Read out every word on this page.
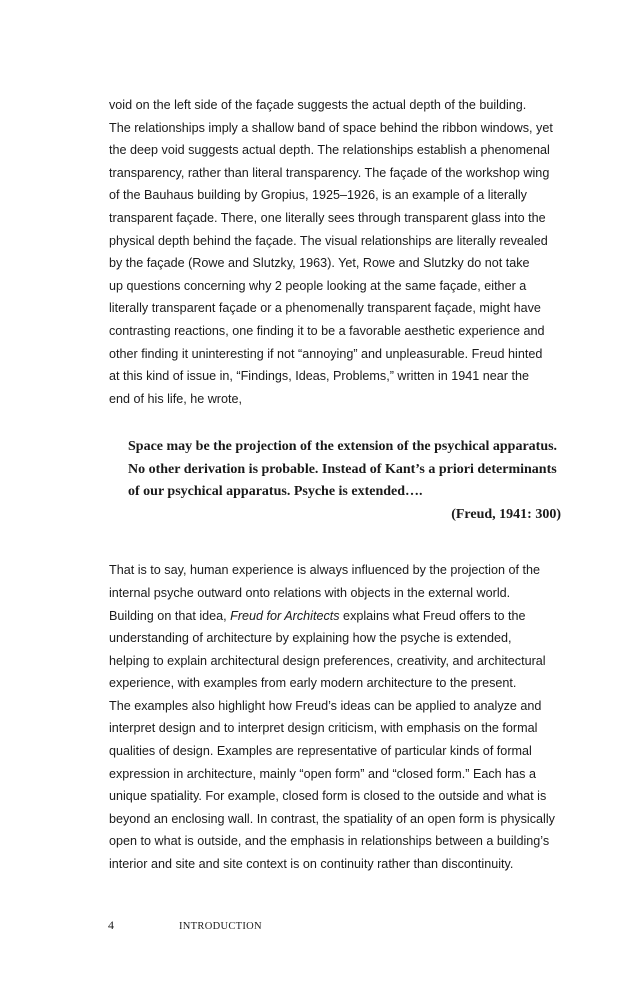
void on the left side of the façade suggests the actual depth of the building.
The relationships imply a shallow band of space behind the ribbon windows, yet
the deep void suggests actual depth. The relationships establish a phenomenal
transparency, rather than literal transparency. The façade of the workshop wing
of the Bauhaus building by Gropius, 1925–1926, is an example of a literally
transparent façade. There, one literally sees through transparent glass into the
physical depth behind the façade. The visual relationships are literally revealed
by the façade (Rowe and Slutzky, 1963). Yet, Rowe and Slutzky do not take
up questions concerning why 2 people looking at the same façade, either a
literally transparent façade or a phenomenally transparent façade, might have
contrasting reactions, one finding it to be a favorable aesthetic experience and
other finding it uninteresting if not “annoying” and unpleasurable. Freud hinted
at this kind of issue in, “Findings, Ideas, Problems,” written in 1941 near the
end of his life, he wrote,

Space may be the projection of the extension of the psychical apparatus.
No other derivation is probable. Instead of Kant’s a priori determinants
of our psychical apparatus. Psyche is extended….
(Freud, 1941: 300)

That is to say, human experience is always influenced by the projection of the
internal psyche outward onto relations with objects in the external world.
Building on that idea, Freud for Architects explains what Freud offers to the
understanding of architecture by explaining how the psyche is extended,
helping to explain architectural design preferences, creativity, and architectural
experience, with examples from early modern architecture to the present.
The examples also highlight how Freud’s ideas can be applied to analyze and
interpret design and to interpret design criticism, with emphasis on the formal
qualities of design. Examples are representative of particular kinds of formal
expression in architecture, mainly “open form” and “closed form.” Each has a
unique spatiality. For example, closed form is closed to the outside and what is
beyond an enclosing wall. In contrast, the spatiality of an open form is physically
open to what is outside, and the emphasis in relationships between a building’s
interior and site and site context is on continuity rather than discontinuity.

4	INTRODUCTION
